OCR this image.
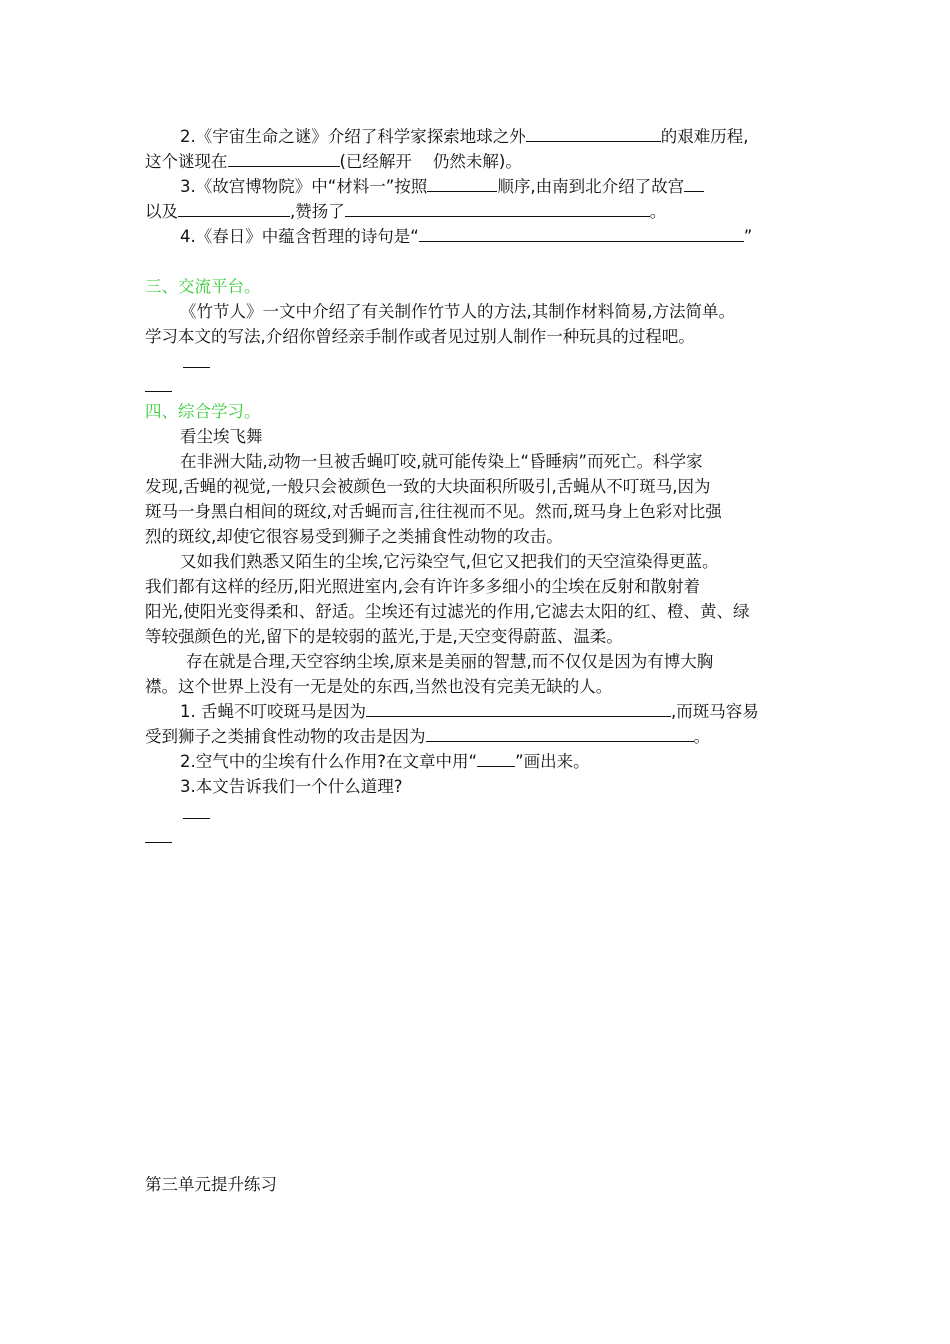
2.《宇宙生命之谜》介绍了科学家探索地球之外	的艰难历程,
这个谜现在	(已经解开    仍然未解)。
3.《故宫博物院》中“材料一”按照	顺序,由南到北介绍了故宫
以及	,赞扬了	。
4.《春日》中蕴含哲理的诗句是“	”
三、交流平台。
《竹节人》一文中介绍了有关制作竹节人的方法,其制作材料简易,方法简单。
学习本文的写法,介绍你曾经亲手制作或者见过别人制作一种玩具的过程吧。
四、综合学习。
看尘埃飞舞
在非洲大陆,动物一旦被舌蝇叮咬,就可能传染上“昏睡病”而死亡。科学家
发现,舌蝇的视觉,一般只会被颜色一致的大块面积所吸引,舌蝇从不叮斑马,因为
斑马一身黑白相间的斑纹,对舌蝇而言,往往视而不见。然而,斑马身上色彩对比强
烈的斑纹,却使它很容易受到狮子之类捕食性动物的攻击。
又如我们熟悉又陌生的尘埃,它污染空气,但它又把我们的天空渲染得更蓝。
我们都有这样的经历,阳光照进室内,会有许许多多细小的尘埃在反射和散射着
阳光,使阳光变得柔和、舒适。尘埃还有过滤光的作用,它滤去太阳的红、橙、黄、绿
等较强颜色的光,留下的是较弱的蓝光,于是,天空变得蔚蓝、温柔。
存在就是合理,天空容纳尘埃,原来是美丽的智慧,而不仅仅是因为有博大胸
襟。这个世界上没有一无是处的东西,当然也没有完美无缺的人。
1. 舌蝇不叮咬斑马是因为	,而斑马容易
受到狮子之类捕食性动物的攻击是因为	。
2.空气中的尘埃有什么作用?在文章中用“ ”画出来。
3.本文告诉我们一个什么道理?
第三单元提升练习
